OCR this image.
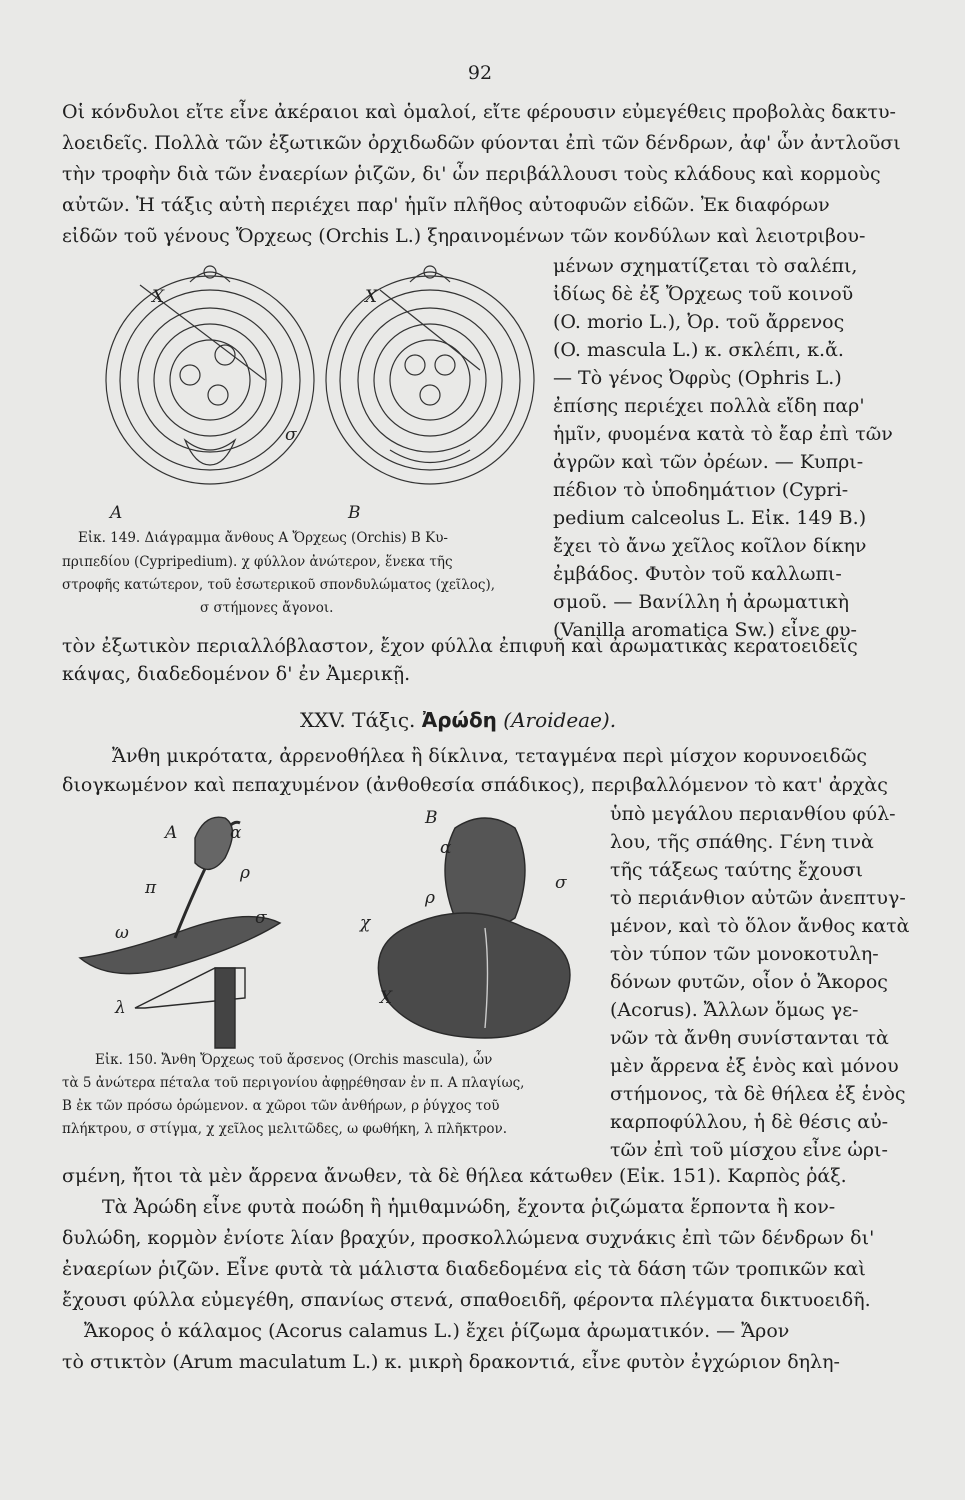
92
Οἱ κόνδυλοι εἴτε εἶνε ἀκέραιοι καὶ ὁμαλοί, εἴτε φέρουσιν εὐμεγέθεις προβολὰς δακτυ-
λοειδεῖς. Πολλὰ τῶν ἐξωτικῶν ὀρχιδωδῶν φύονται ἐπὶ τῶν δένδρων, ἀφ' ὧν ἀντλοῦσι
τὴν τροφὴν διὰ τῶν ἐναερίων ῥιζῶν, δι' ὧν περιβάλλουσι τοὺς κλάδους καὶ κορμοὺς
αὐτῶν. Ἡ τάξις αὐτὴ περιέχει παρ' ἡμῖν πλῆθος αὐτοφυῶν εἰδῶν. Ἐκ διαφόρων
εἰδῶν τοῦ γένους Ὄρχεως (Orchis L.) ξηραινομένων τῶν κονδύλων καὶ λειοτριβου-
μένων σχηματίζεται τὸ σαλέπι,
ἰδίως δὲ ἐξ Ὄρχεως τοῦ κοινοῦ
(O. morio L.), Ὀρ. τοῦ ἄρρενος
(O. mascula L.) κ. σκλέπι, κ.ἄ.
— Τὸ γένος Ὀφρὺς (Ophris L.)
ἐπίσης περιέχει πολλὰ εἴδη παρ'
ἡμῖν, φυομένα κατὰ τὸ ἔαρ ἐπὶ τῶν
ἀγρῶν καὶ τῶν ὀρέων. — Κυπρι-
πέδιον τὸ ὑποδημάτιον (Cypri-
pedium calceolus L. Εἰκ. 149 B.)
ἔχει τὸ ἄνω χεῖλος κοῖλον δίκην
ἐμβάδος. Φυτὸν τοῦ καλλωπι-
σμοῦ. — Βανίλλη ἡ ἀρωματικὴ
(Vanilla aromatica Sw.) εἶνε φυ-
A	B
X	X
σ
Εἰκ. 149. Διάγραμμα ἄνθους A Ὄρχεως (Orchis) B Κυ-
πριπεδίου (Cypripedium). χ φύλλον ἀνώτερον, ἕνεκα τῆς
στροφῆς κατώτερον, τοῦ ἐσωτερικοῦ σπονδυλώματος (χεῖλος),
σ στήμονες ἄγονοι.
τὸν ἐξωτικὸν περιαλλόβλαστον, ἔχον φύλλα ἐπιφυῆ καὶ ἀρωματικὰς κερατοειδεῖς
κάψας, διαδεδομένον δ' ἐν Ἀμερικῇ.
XXV. Τάξις. Ἀρώδη (Aroideae).
Ἄνθη μικρότατα, ἀρρενοθήλεα ἢ δίκλινα, τεταγμένα περὶ μίσχον κορυνοειδῶς
διογκωμένον καὶ πεπαχυμένον (ἀνθοθεσία σπάδικος), περιβαλλόμενον τὸ κατ' ἀρχὰς
ὑπὸ μεγάλου περιανθίου φύλ-
λου, τῆς σπάθης. Γένη τινὰ
τῆς τάξεως ταύτης ἔχουσι
τὸ περιάνθιον αὐτῶν ἀνεπτυγ-
μένον, καὶ τὸ ὅλον ἄνθος κατὰ
τὸν τύπον τῶν μονοκοτυλη-
δόνων φυτῶν, οἷον ὁ Ἄκορος
(Acorus). Ἄλλων ὅμως γε-
νῶν τὰ ἄνθη συνίστανται τὰ
μὲν ἄρρενα ἐξ ἑνὸς καὶ μόνου
στήμονος, τὰ δὲ θήλεα ἐξ ἑνὸς
καρποφύλλου, ἡ δὲ θέσις αὐ-
τῶν ἐπὶ τοῦ μίσχου εἶνε ὡρι-
A	α
ρ
π
ω
σ
λ
χ
B
α
σ
ρ
X
Εἰκ. 150. Ἄνθη Ὄρχεως τοῦ ἄρσενος (Orchis mascula), ὧν
τὰ 5 ἀνώτερα πέταλα τοῦ περιγονίου ἀφῃρέθησαν ἐν π. A πλαγίως,
B ἐκ τῶν πρόσω ὁρώμενον. α χῶροι τῶν ἀνθήρων, ρ ῥύγχος τοῦ
πλήκτρου, σ στίγμα, χ χεῖλος μελιτῶδες, ω φωθήκη, λ πλῆκτρον.
σμένη, ἤτοι τὰ μὲν ἄρρενα ἄνωθεν, τὰ δὲ θήλεα κάτωθεν (Εἰκ. 151). Καρπὸς ῥάξ.
Τὰ Ἀρώδη εἶνε φυτὰ ποώδη ἢ ἡμιθαμνώδη, ἔχοντα ῥιζώματα ἕρποντα ἢ κον-
δυλώδη, κορμὸν ἐνίοτε λίαν βραχύν, προσκολλώμενα συχνάκις ἐπὶ τῶν δένδρων δι'
ἐναερίων ῥιζῶν. Εἶνε φυτὰ τὰ μάλιστα διαδεδομένα εἰς τὰ δάση τῶν τροπικῶν καὶ
ἔχουσι φύλλα εὐμεγέθη, σπανίως στενά, σπαθοειδῆ, φέροντα πλέγματα δικτυοειδῆ.
Ἄκορος ὁ κάλαμος (Acorus calamus L.) ἔχει ῥίζωμα ἀρωματικόν. — Ἄρον
τὸ στικτὸν (Arum maculatum L.) κ. μικρὴ δρακοντιά, εἶνε φυτὸν ἐγχώριον δηλη-
